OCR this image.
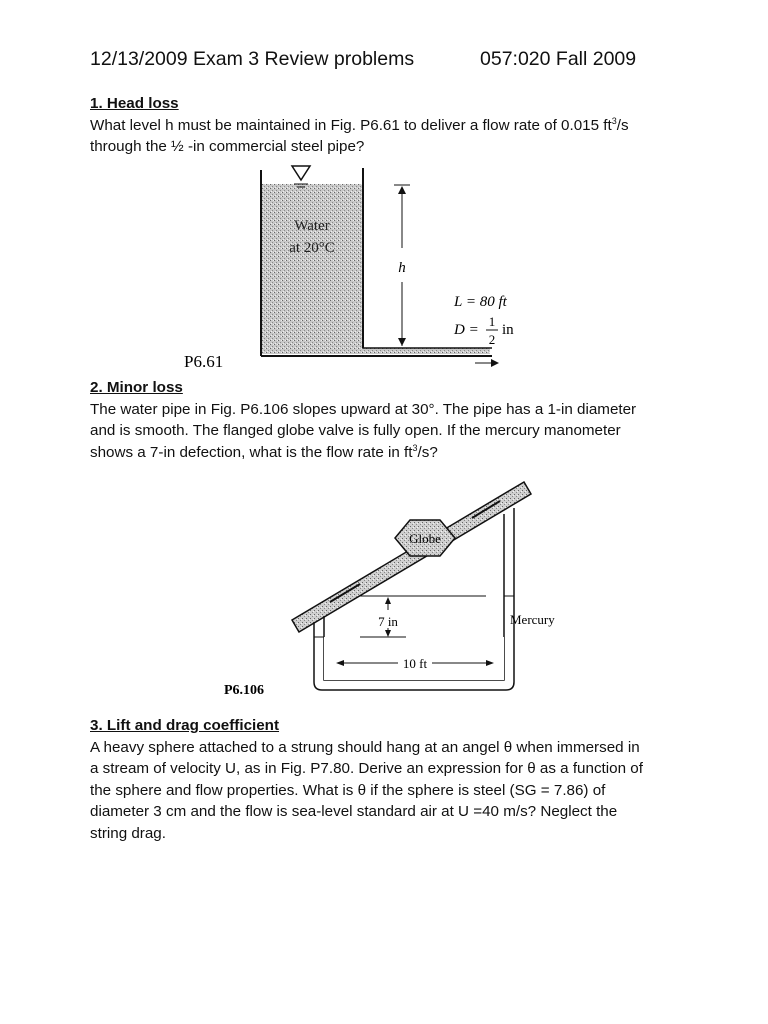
12/13/2009 Exam 3 Review problems	057:020 Fall 2009
1. Head loss

What level h must be maintained in Fig. P6.61 to deliver a flow rate of 0.015 $ft^3/s$

through the ½ -in commercial steel pipe?

Water
at 20°C
h
L = 80 ft
D =
1
2
in
P6.61
2. Minor loss

The water pipe in Fig. P6.106 slopes upward at 30°. The pipe has a 1-in diameter

and is smooth. The flanged globe valve is fully open. If the mercury manometer

shows a 7-in defection, what is the flow rate in $ft^3/s$?

7 in
10 ft
Mercury
Globe
P6.106
3. Lift and drag coefficient

A heavy sphere attached to a strung should hang at an angel θ when immersed in

a stream of velocity U, as in Fig. P7.80. Derive an expression for θ as a function of

the sphere and flow properties. What is θ if the sphere is steel (SG = 7.86) of

diameter 3 cm and the flow is sea-level standard air at U =40 m/s? Neglect the

string drag.
